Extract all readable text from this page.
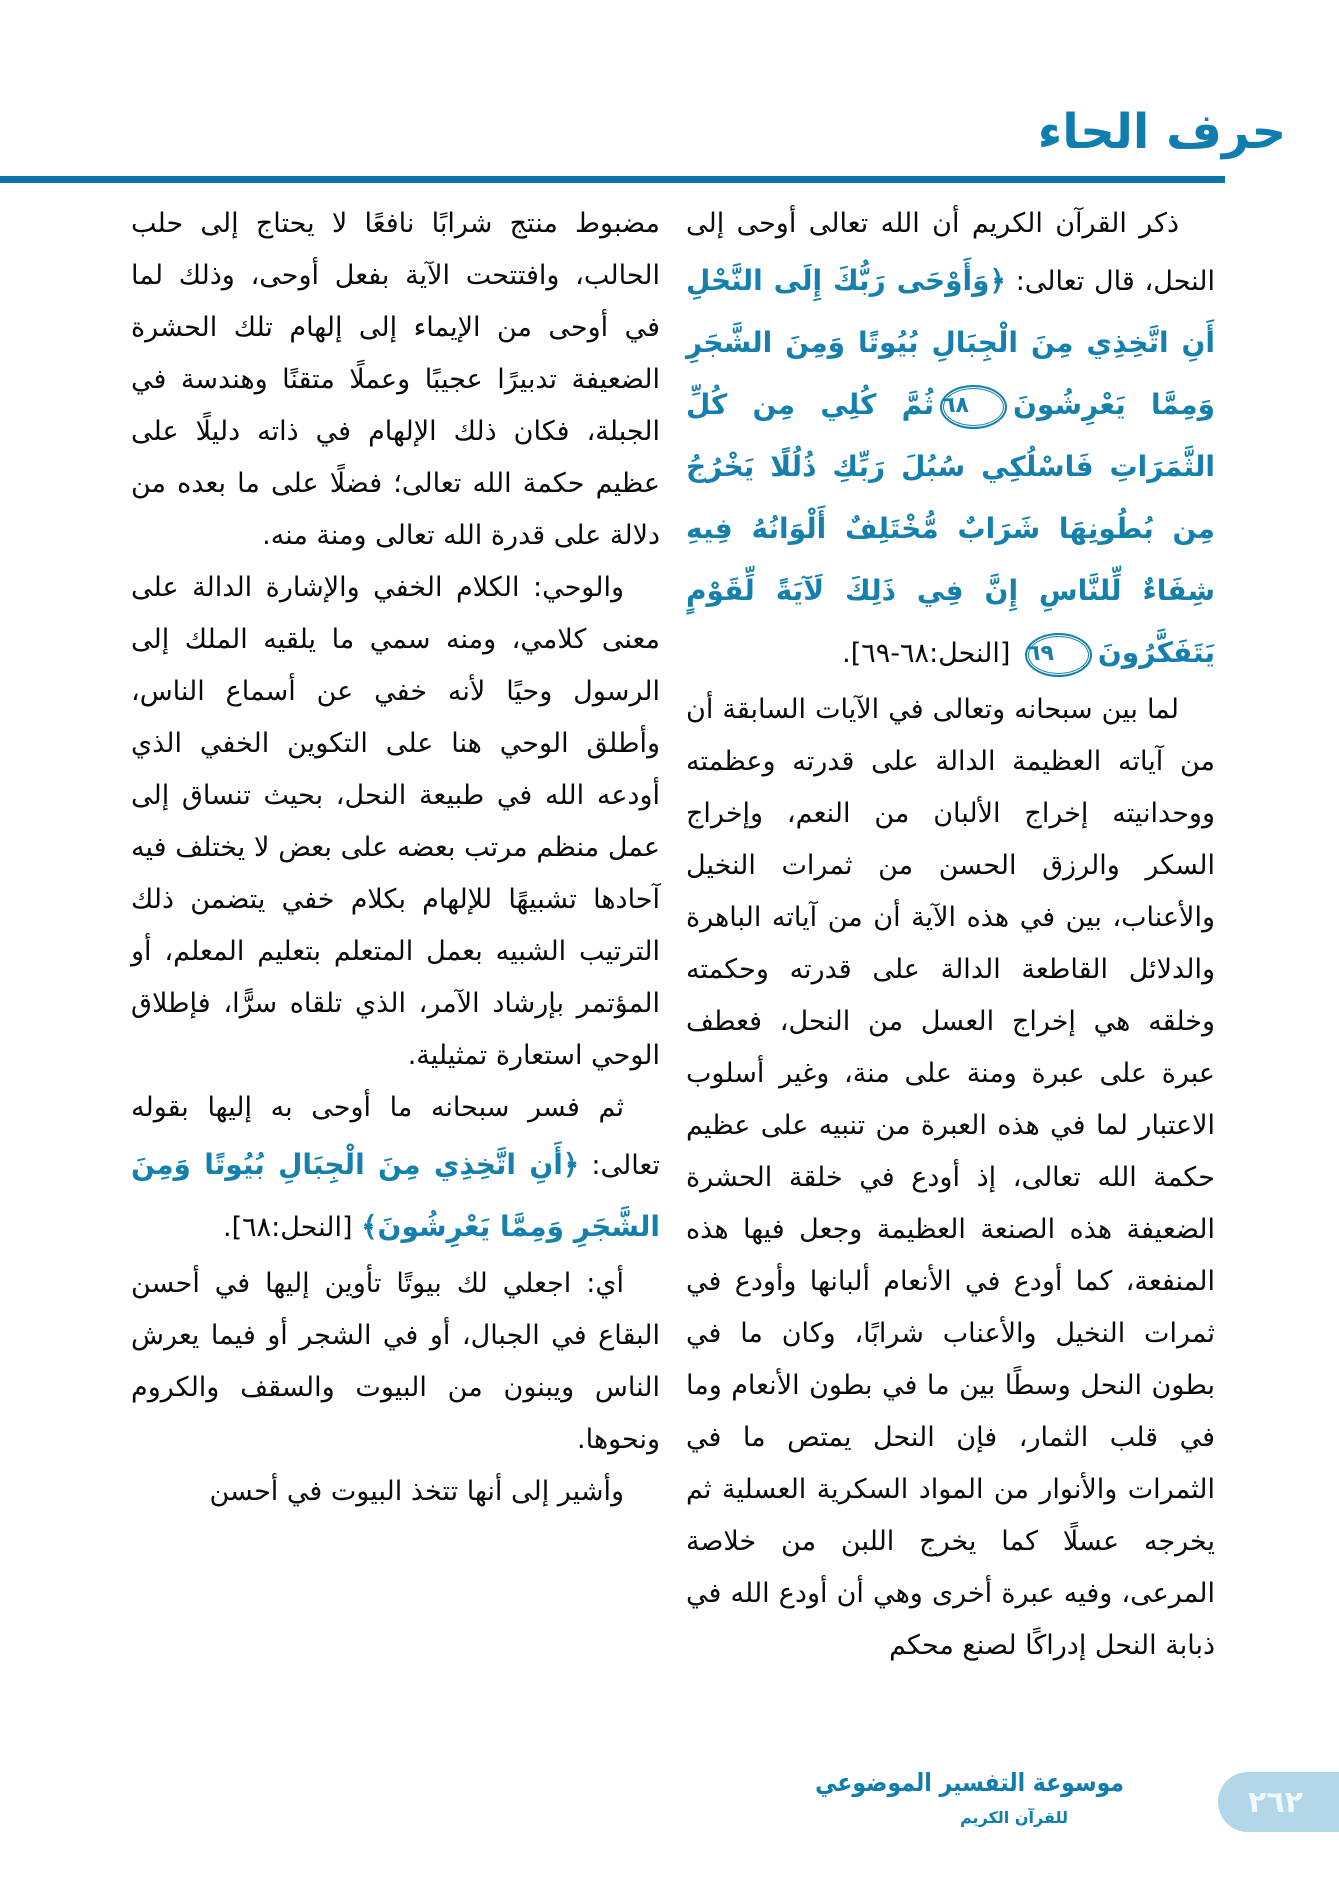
حرف الحاء

ذكر القرآن الكريم أن الله تعالى أوحى إلى النحل، قال تعالى: ﴿وَأَوْحَى رَبُّكَ إِلَى النَّحْلِ أَنِ اتَّخِذِي مِنَ الْجِبَالِ بُيُوتًا وَمِنَ الشَّجَرِ وَمِمَّا يَعْرِشُونَ٦٨ثُمَّ كُلِي مِن كُلِّ الثَّمَرَاتِ فَاسْلُكِي سُبُلَ رَبِّكِ ذُلُلًا يَخْرُجُ مِن بُطُونِهَا شَرَابٌ مُّخْتَلِفٌ أَلْوَانُهُ فِيهِ شِفَاءٌ لِّلنَّاسِ إِنَّ فِي ذَلِكَ لَآيَةً لِّقَوْمٍ يَتَفَكَّرُونَ٦٩ [النحل:٦٨-٦٩].

لما بين سبحانه وتعالى في الآيات السابقة أن من آياته العظيمة الدالة على قدرته وعظمته ووحدانيته إخراج الألبان من النعم، وإخراج السكر والرزق الحسن من ثمرات النخيل والأعناب، بين في هذه الآية أن من آياته الباهرة والدلائل القاطعة الدالة على قدرته وحكمته وخلقه هي إخراج العسل من النحل، فعطف عبرة على عبرة ومنة على منة، وغير أسلوب الاعتبار لما في هذه العبرة من تنبيه على عظيم حكمة الله تعالى، إذ أودع في خلقة الحشرة الضعيفة هذه الصنعة العظيمة وجعل فيها هذه المنفعة، كما أودع في الأنعام ألبانها وأودع في ثمرات النخيل والأعناب شرابًا، وكان ما في بطون النحل وسطًا بين ما في بطون الأنعام وما في قلب الثمار، فإن النحل يمتص ما في الثمرات والأنوار من المواد السكرية العسلية ثم يخرجه عسلًا كما يخرج اللبن من خلاصة المرعى، وفيه عبرة أخرى وهي أن أودع الله في ذبابة النحل إدراكًا لصنع محكم

مضبوط منتج شرابًا نافعًا لا يحتاج إلى حلب الحالب، وافتتحت الآية بفعل أوحى، وذلك لما في أوحى من الإيماء إلى إلهام تلك الحشرة الضعيفة تدبيرًا عجيبًا وعملًا متقنًا وهندسة في الجبلة، فكان ذلك الإلهام في ذاته دليلًا على عظيم حكمة الله تعالى؛ فضلًا على ما بعده من دلالة على قدرة الله تعالى ومنة منه.

والوحي: الكلام الخفي والإشارة الدالة على معنى كلامي، ومنه سمي ما يلقيه الملك إلى الرسول وحيًا لأنه خفي عن أسماع الناس، وأطلق الوحي هنا على التكوين الخفي الذي أودعه الله في طبيعة النحل، بحيث تنساق إلى عمل منظم مرتب بعضه على بعض لا يختلف فيه آحادها تشبيهًا للإلهام بكلام خفي يتضمن ذلك الترتيب الشبيه بعمل المتعلم بتعليم المعلم، أو المؤتمر بإرشاد الآمر، الذي تلقاه سرًّا، فإطلاق الوحي استعارة تمثيلية.

ثم فسر سبحانه ما أوحى به إليها بقوله تعالى: ﴿أَنِ اتَّخِذِي مِنَ الْجِبَالِ بُيُوتًا وَمِنَ الشَّجَرِ وَمِمَّا يَعْرِشُونَ﴾ [النحل:٦٨].

أي: اجعلي لك بيوتًا تأوين إليها في أحسن البقاع في الجبال، أو في الشجر أو فيما يعرش الناس ويبنون من البيوت والسقف والكروم ونحوها.

وأشير إلى أنها تتخذ البيوت في أحسن

موسوعة التفسير الموضوعي
للقرآن الكريم	٢٦٢
